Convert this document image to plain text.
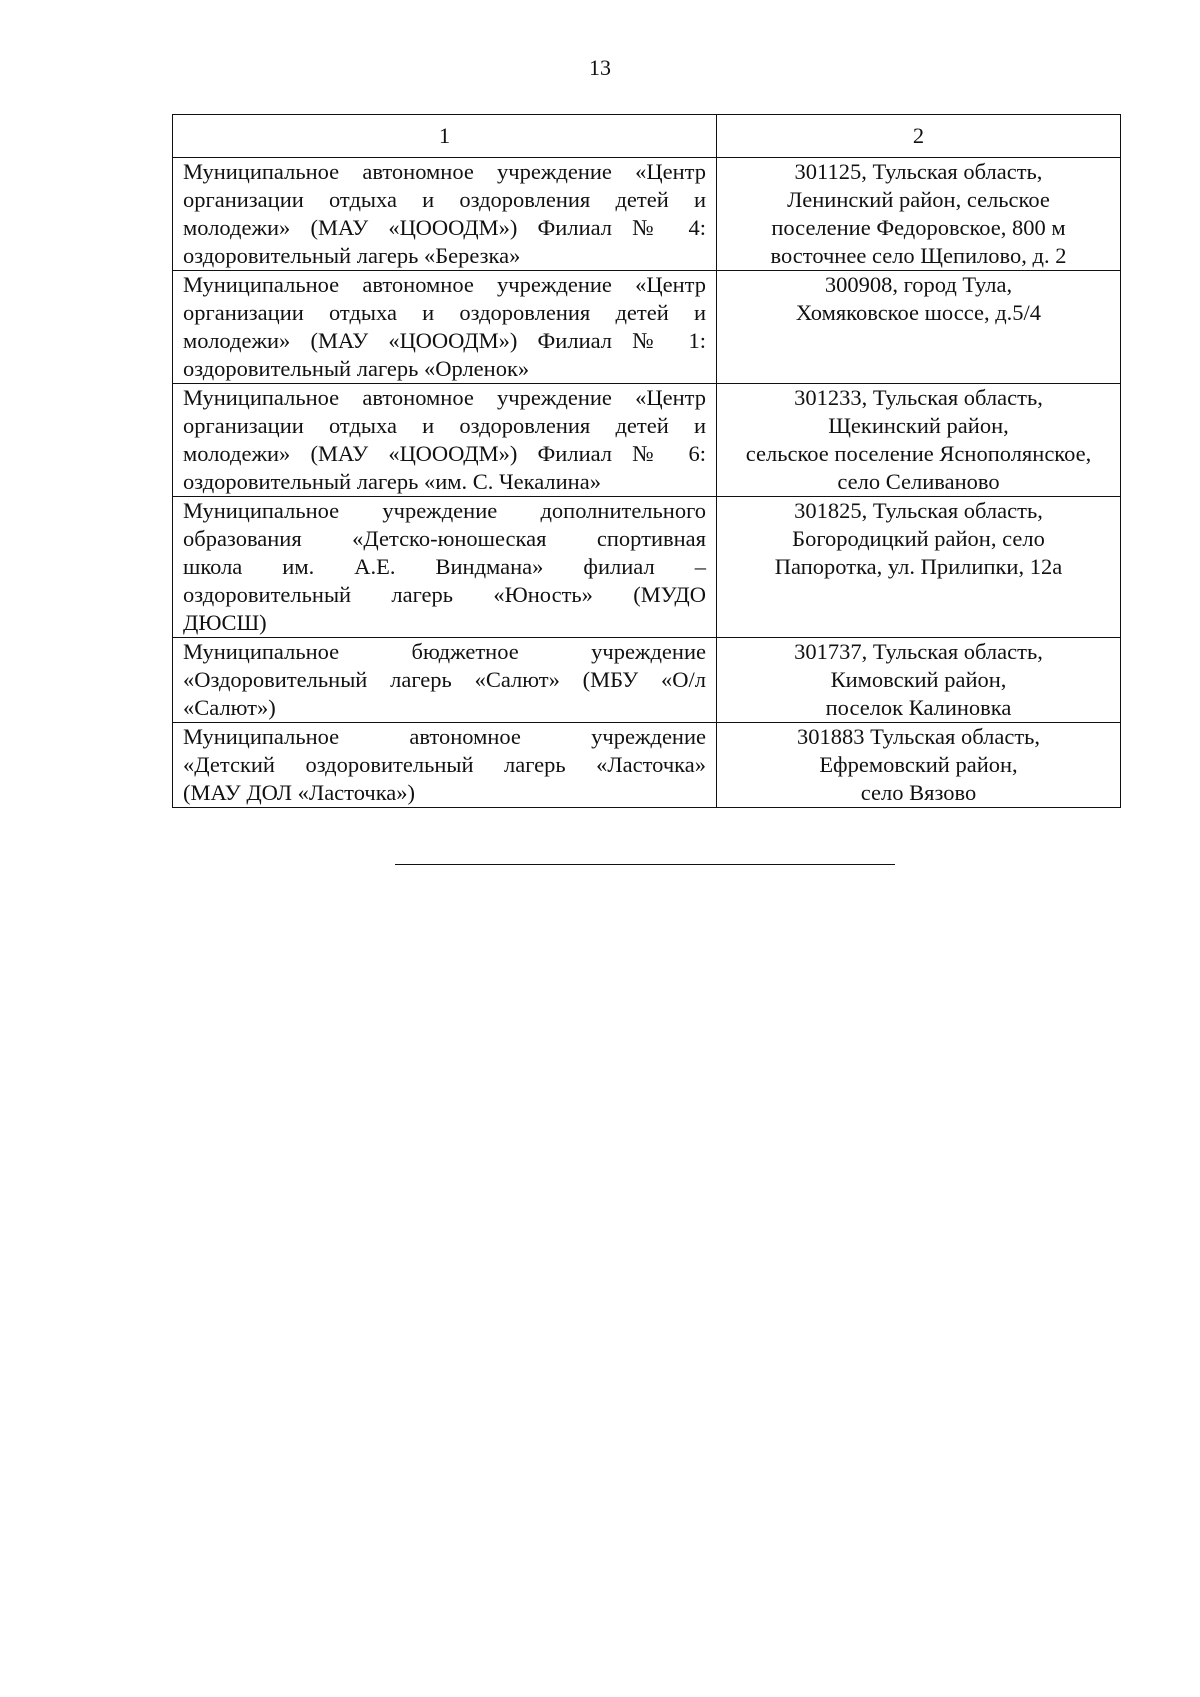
13
1	2

Муниципальное автономное учреждение «Центр
организации отдыха и оздоровления детей и
молодежи» (МАУ «ЦОООДМ») Филиал № 4:
оздоровительный лагерь «Березка»	301125, Тульская область,
Ленинский район, сельское
поселение Федоровское, 800 м
восточнее село Щепилово, д. 2

Муниципальное автономное учреждение «Центр
организации отдыха и оздоровления детей и
молодежи» (МАУ «ЦОООДМ») Филиал № 1:
оздоровительный лагерь «Орленок»	300908, город Тула,
Хомяковское шоссе, д.5/4

Муниципальное автономное учреждение «Центр
организации отдыха и оздоровления детей и
молодежи» (МАУ «ЦОООДМ») Филиал № 6:
оздоровительный лагерь «им. С. Чекалина»	301233, Тульская область,
Щекинский район,
сельское поселение Яснополянское,
село Селиваново

Муниципальное учреждение дополнительного
образования «Детско-юношеская спортивная
школа им. А.Е. Виндмана» филиал –
оздоровительный лагерь «Юность» (МУДО
ДЮСШ)	301825, Тульская область,
Богородицкий район, село
Папоротка, ул. Прилипки, 12а

Муниципальное бюджетное учреждение
«Оздоровительный лагерь «Салют» (МБУ «О/л
«Салют»)	301737, Тульская область,
Кимовский район,
поселок Калиновка

Муниципальное автономное учреждение
«Детский оздоровительный лагерь «Ласточка»
(МАУ ДОЛ «Ласточка»)	301883 Тульская область,
Ефремовский район,
село Вязово
